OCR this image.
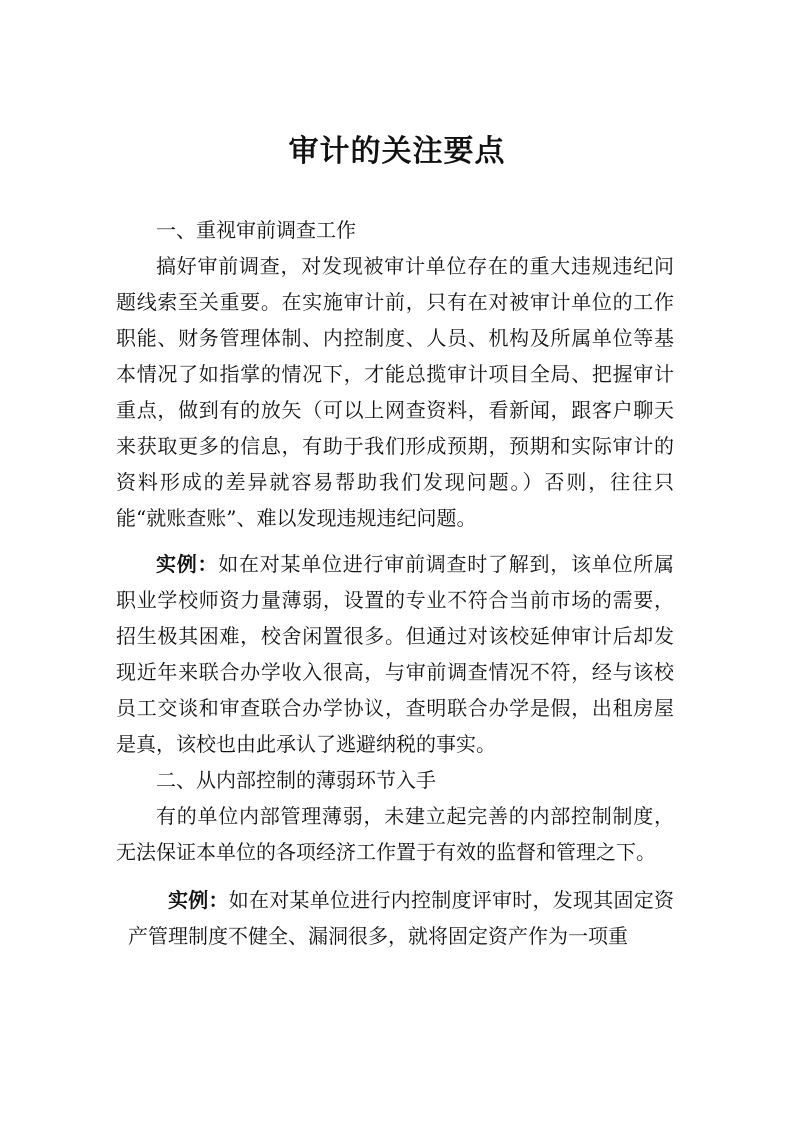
审计的关注要点

一、重视审前调查工作

搞好审前调查，对发现被审计单位存在的重大违规违纪问题线索至关重要。在实施审计前，只有在对被审计单位的工作职能、财务管理体制、内控制度、人员、机构及所属单位等基本情况了如指掌的情况下，才能总揽审计项目全局、把握审计重点，做到有的放矢（可以上网查资料，看新闻，跟客户聊天来获取更多的信息，有助于我们形成预期，预期和实际审计的资料形成的差异就容易帮助我们发现问题。）否则，往往只能“就账查账”、难以发现违规违纪问题。

实例：如在对某单位进行审前调查时了解到，该单位所属职业学校师资力量薄弱，设置的专业不符合当前市场的需要，招生极其困难，校舍闲置很多。但通过对该校延伸审计后却发现近年来联合办学收入很高，与审前调查情况不符，经与该校员工交谈和审查联合办学协议，查明联合办学是假，出租房屋是真，该校也由此承认了逃避纳税的事实。

二、从内部控制的薄弱环节入手

有的单位内部管理薄弱，未建立起完善的内部控制制度，无法保证本单位的各项经济工作置于有效的监督和管理之下。

实例：如在对某单位进行内控制度评审时，发现其固定资产管理制度不健全、漏洞很多，就将固定资产作为一项重
